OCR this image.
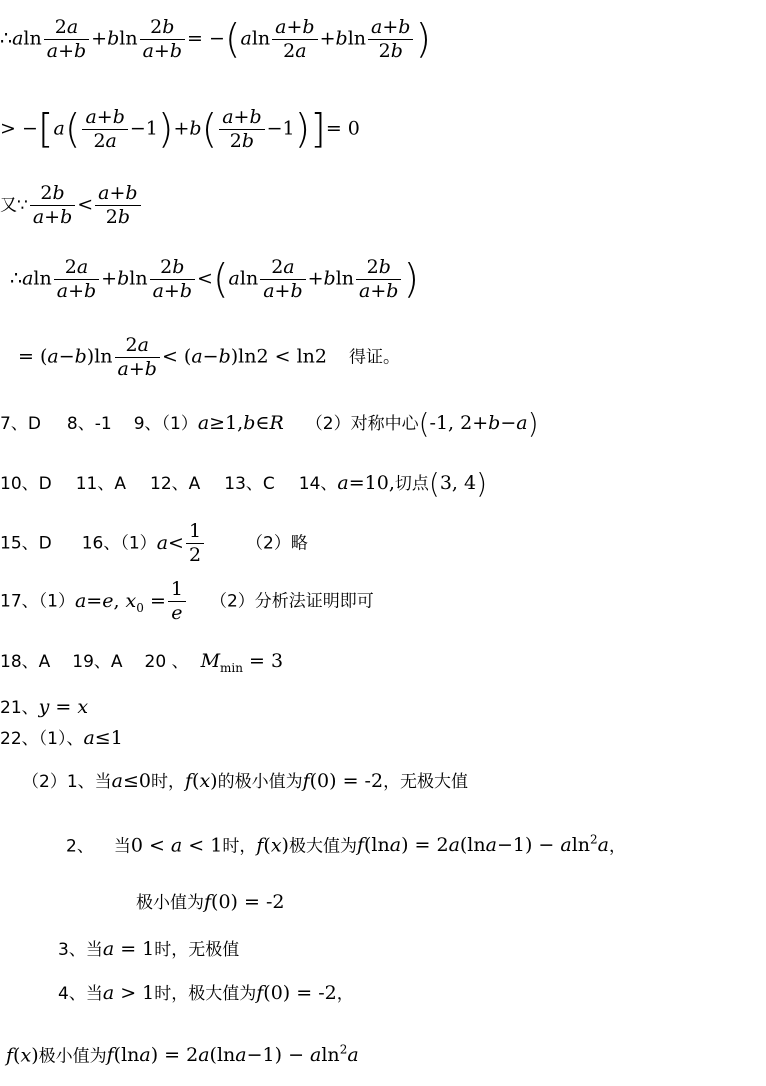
∴aln $\frac{2a}{a+b} +bln \frac{2b}{a+b} = -(aln \frac{a+b}{2a} +bln \frac{a+b}{2b}$ )
> $-[a( \frac{a+b}{2a} -1)+b( \frac{a+b}{2b} -1)]= 0$
又∵ $\frac{2b}{a+b} < \frac{a+b}{2b}$
∴aln $\frac{2a}{a+b} +bln \frac{2b}{a+b} <(aln \frac{2a}{a+b} +bln \frac{2b}{a+b}$ )
= $(a-b)\ln \frac{2a}{a+b} < (a-b)\ln 2 < \ln 2$ 得证。
7、D 8、-1 9、（1）a≥1,b∈R （2）对称中心(-1, 2+b−a)
10、D 11、A 12、A 13、C 14、a=10,切点(3, 4)
15、D 16、$(1)a< \frac{1}{2} (2)$略
17、（1）a=e, $x_0 = \frac{1}{e} (2)$分析法证明即可
18、A 19、A 20 、 $M_{min} = 3$
21、y = x
22、（1）、a≤1
（2）1、当a≤0时，f(x)的极小值为f(0) = -2，无极大值
2、 当0 < a < 1时，f(x)极大值为f(lna) = 2a(lna−1) − aln$^2$a，
极小值为f(0) = -2
3、当a = 1时，无极值
4、当a > 1时，极大值为f(0) = -2，
f(x)极小值为f(lna) = 2a(lna−1) − aln$^2$a
